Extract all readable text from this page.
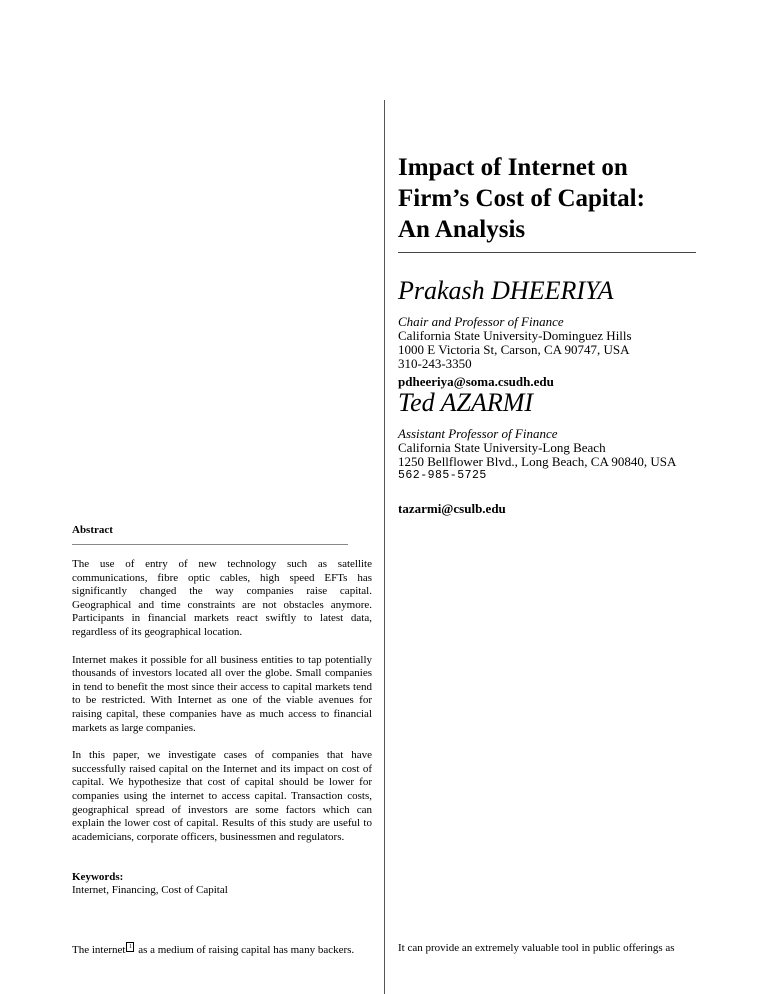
Impact of Internet on
Firm’s Cost of Capital:
An Analysis
Prakash DHEERIYA
Chair and Professor of Finance
California State University-Dominguez Hills
1000 E Victoria St, Carson, CA 90747, USA
310-243-3350
pdheeriya@soma.csudh.edu
Ted AZARMI
Assistant Professor of Finance
California State University-Long Beach
1250 Bellflower Blvd., Long Beach, CA 90840, USA
562-985-5725
tazarmi@csulb.edu
Abstract

The use of entry of new technology such as satellite communications, fibre optic cables, high speed EFTs has significantly changed the way companies raise capital. Geographical and time constraints are not obstacles anymore. Participants in financial markets react swiftly to latest data, regardless of its geographical location.

Internet makes it possible for all business entities to tap potentially thousands of investors located all over the globe. Small companies in tend to benefit the most since their access to capital markets tend to be restricted. With Internet as one of the viable avenues for raising capital, these companies have as much access to financial markets as large companies.

In this paper, we investigate cases of companies that have successfully raised capital on the Internet and its impact on cost of capital. We hypothesize that cost of capital should be lower for companies using the internet to access capital. Transaction costs, geographical spread of investors are some factors which can explain the lower cost of capital. Results of this study are useful to academicians, corporate officers, businessmen and regulators.

Keywords:
Internet, Financing, Cost of Capital
The internet 1 as a medium of raising capital has many backers.	It can provide an extremely valuable tool in public offerings as
